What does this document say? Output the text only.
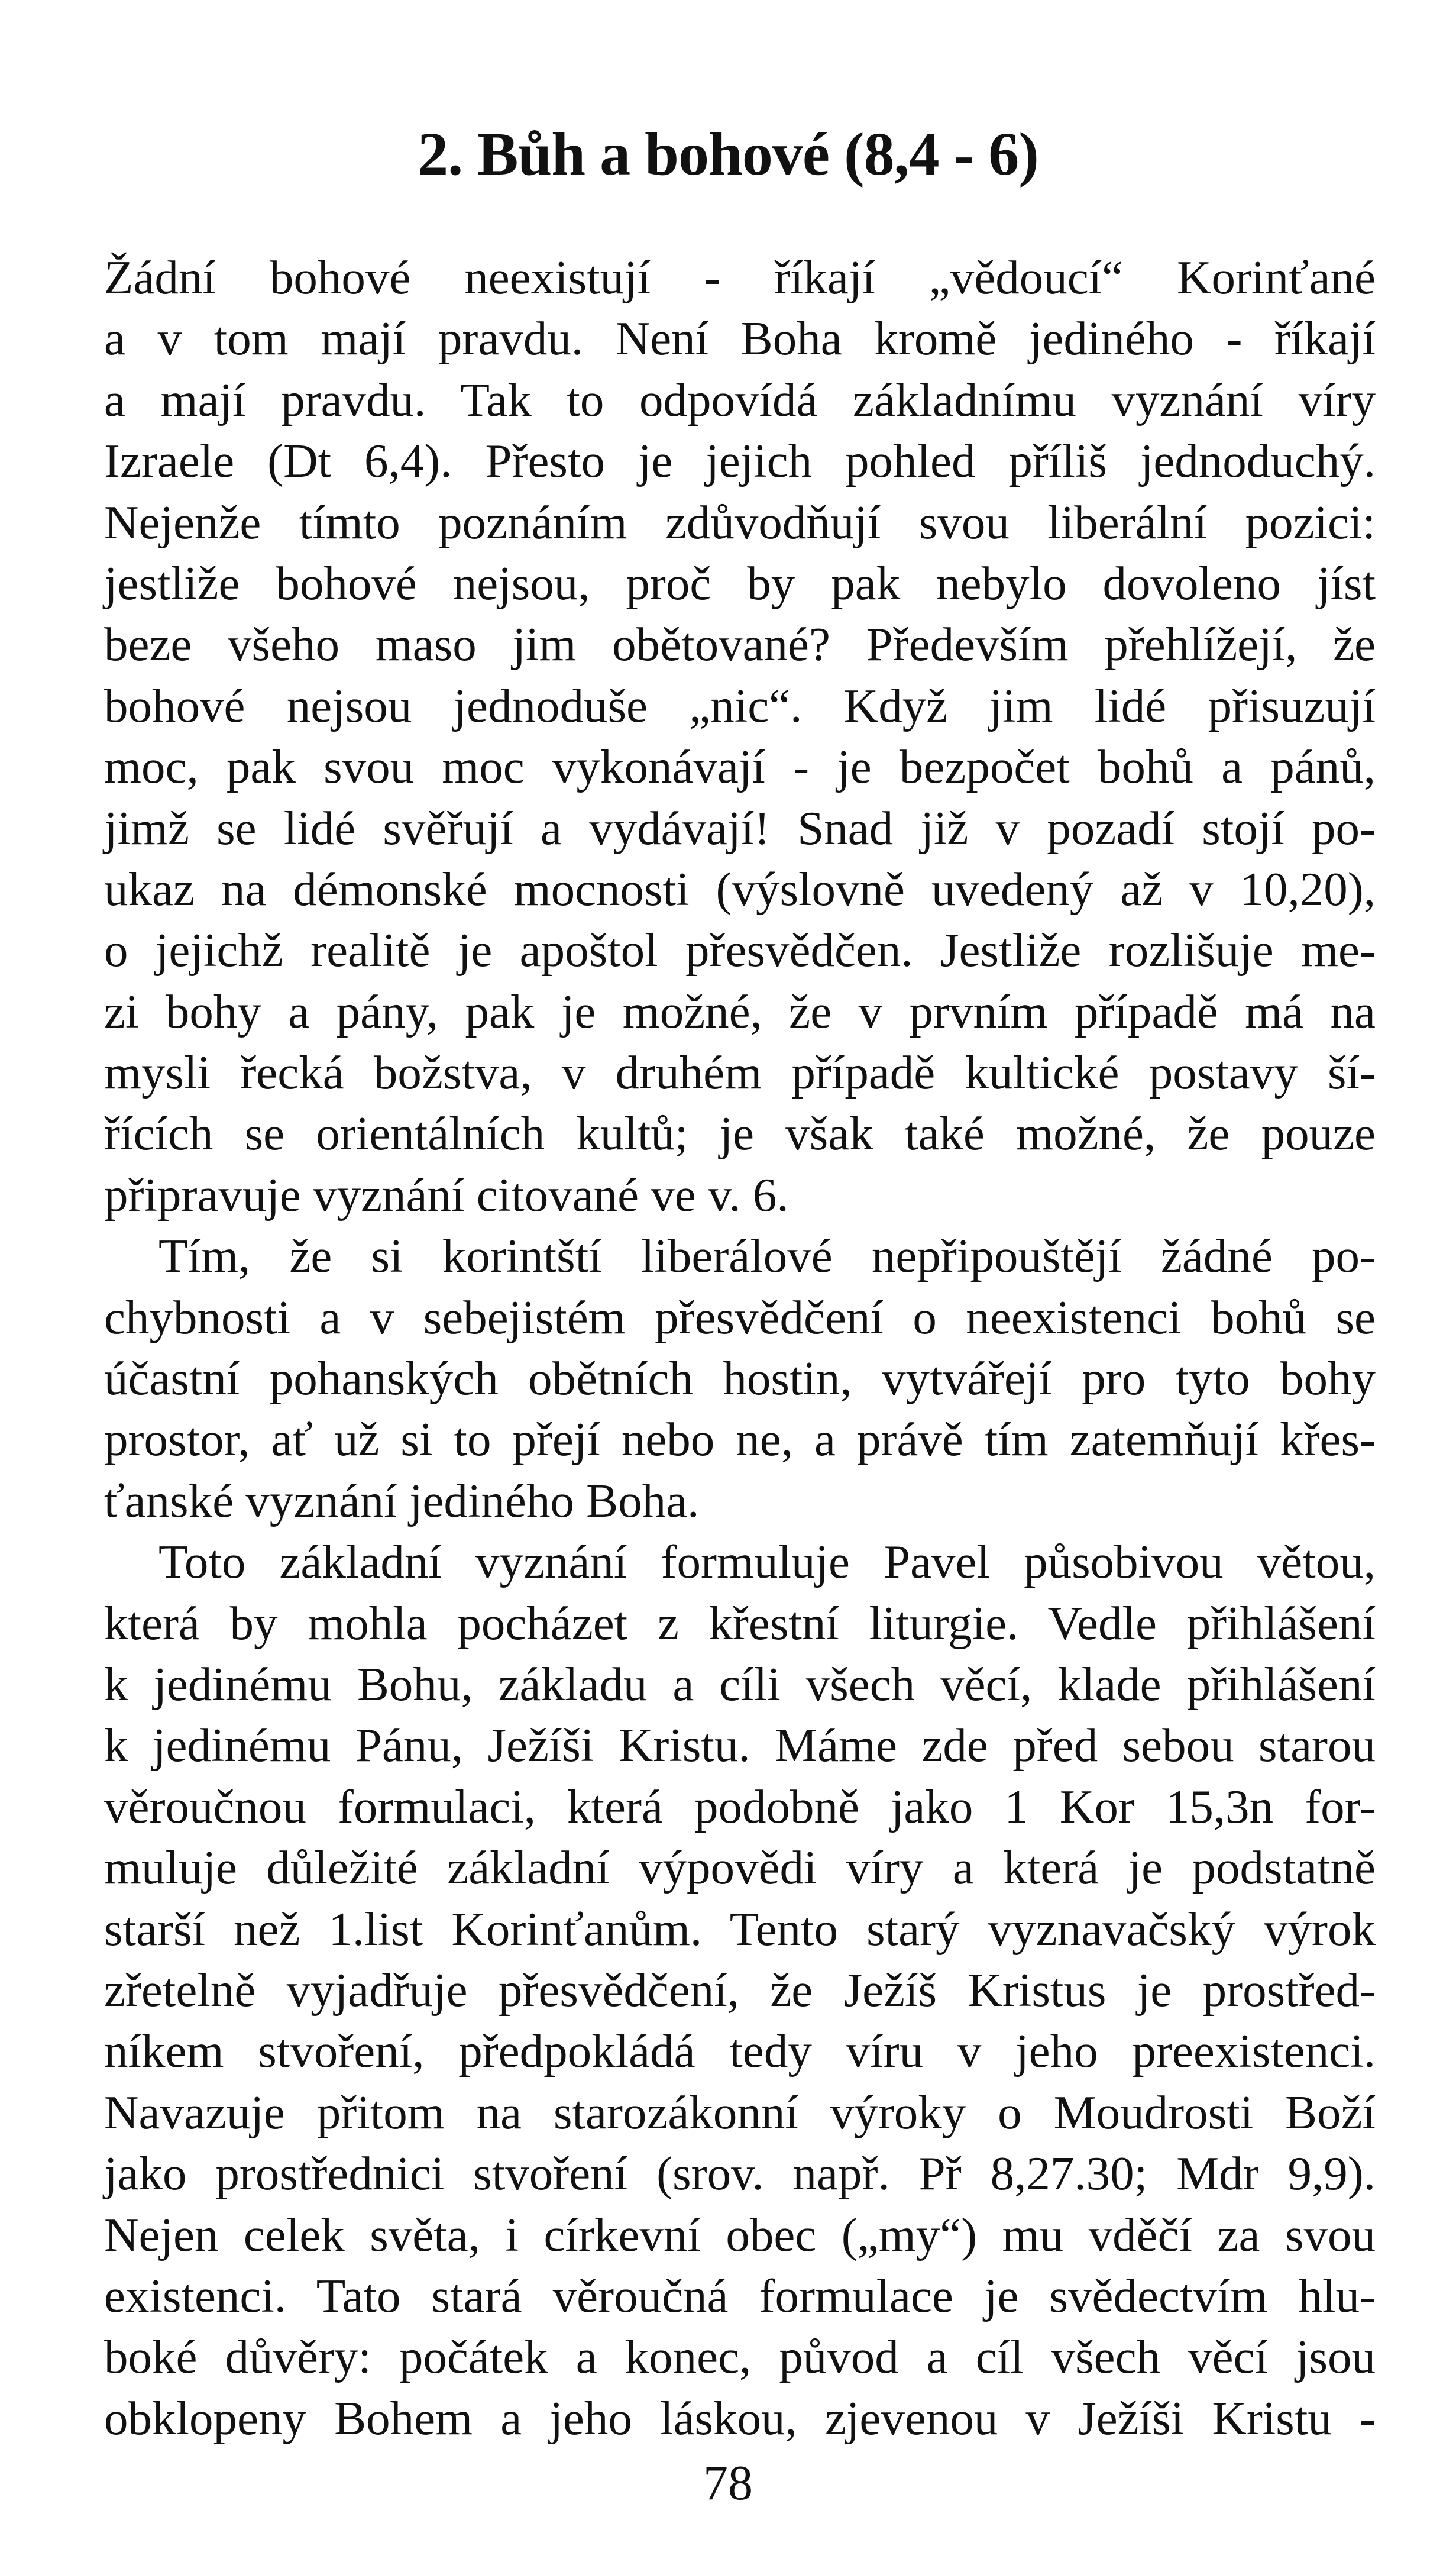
2. Bůh a bohové (8,4 - 6)
Žádní bohové neexistují - říkají „vědoucí“ Korinťané
a v tom mají pravdu. Není Boha kromě jediného - říkají
a mají pravdu. Tak to odpovídá základnímu vyznání víry
Izraele (Dt 6,4). Přesto je jejich pohled příliš jednoduchý.
Nejenže tímto poznáním zdůvodňují svou liberální pozici:
jestliže bohové nejsou, proč by pak nebylo dovoleno jíst
beze všeho maso jim obětované? Především přehlížejí, že
bohové nejsou jednoduše „nic“. Když jim lidé přisuzují
moc, pak svou moc vykonávají - je bezpočet bohů a pánů,
jimž se lidé svěřují a vydávají! Snad již v pozadí stojí po-
ukaz na démonské mocnosti (výslovně uvedený až v 10,20),
o jejichž realitě je apoštol přesvědčen. Jestliže rozlišuje me-
zi bohy a pány, pak je možné, že v prvním případě má na
mysli řecká božstva, v druhém případě kultické postavy ší-
řících se orientálních kultů; je však také možné, že pouze
připravuje vyznání citované ve v. 6.
Tím, že si korintští liberálové nepřipouštějí žádné po-
chybnosti a v sebejistém přesvědčení o neexistenci bohů se
účastní pohanských obětních hostin, vytvářejí pro tyto bohy
prostor, ať už si to přejí nebo ne, a právě tím zatemňují křes-
ťanské vyznání jediného Boha.
Toto základní vyznání formuluje Pavel působivou větou,
která by mohla pocházet z křestní liturgie. Vedle přihlášení
k jedinému Bohu, základu a cíli všech věcí, klade přihlášení
k jedinému Pánu, Ježíši Kristu. Máme zde před sebou starou
věroučnou formulaci, která podobně jako 1 Kor 15,3n for-
muluje důležité základní výpovědi víry a která je podstatně
starší než 1.list Korinťanům. Tento starý vyznavačský výrok
zřetelně vyjadřuje přesvědčení, že Ježíš Kristus je prostřed-
níkem stvoření, předpokládá tedy víru v jeho preexistenci.
Navazuje přitom na starozákonní výroky o Moudrosti Boží
jako prostřednici stvoření (srov. např. Př 8,27.30; Mdr 9,9).
Nejen celek světa, i církevní obec („my“) mu vděčí za svou
existenci. Tato stará věroučná formulace je svědectvím hlu-
boké důvěry: počátek a konec, původ a cíl všech věcí jsou
obklopeny Bohem a jeho láskou, zjevenou v Ježíši Kristu -
78
